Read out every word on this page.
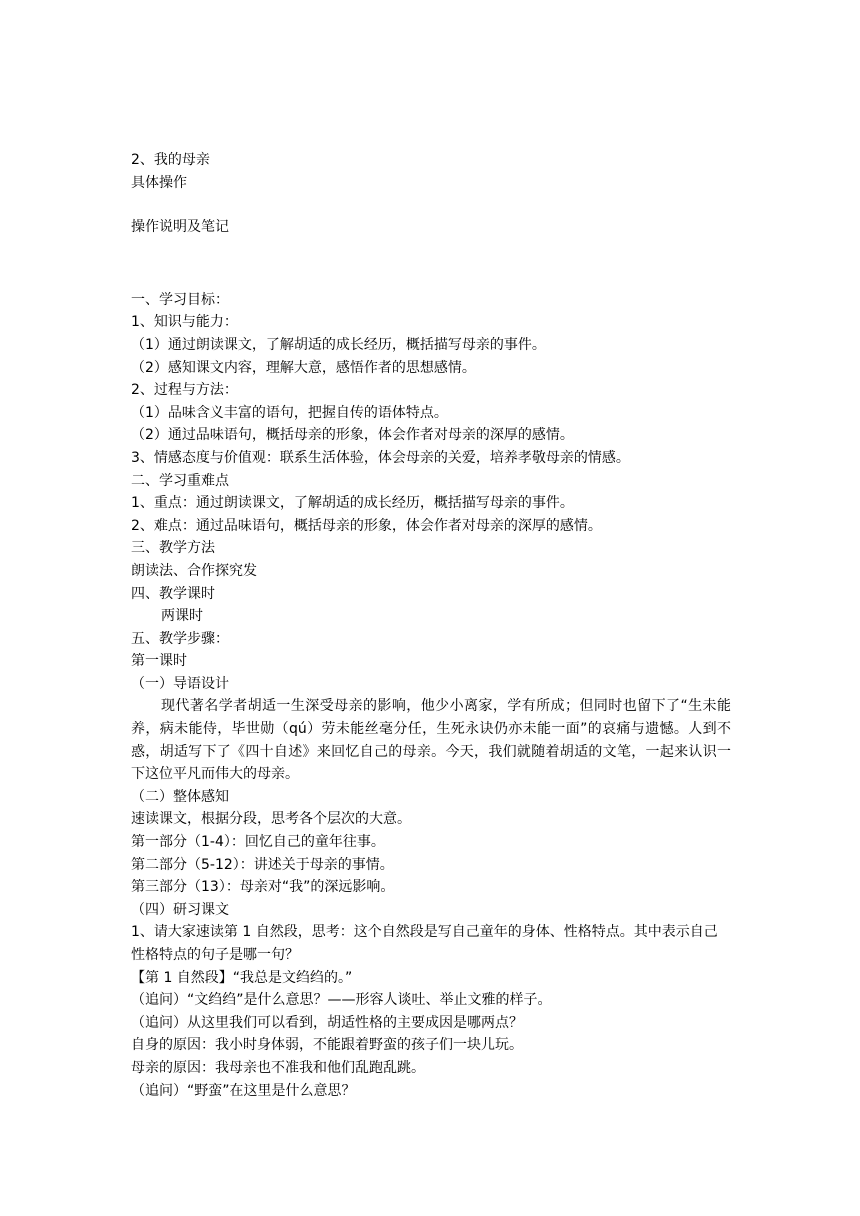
2、我的母亲

具体操作

操作说明及笔记

一、学习目标：

1、知识与能力：

（1）通过朗读课文，了解胡适的成长经历，概括描写母亲的事件。

（2）感知课文内容，理解大意，感悟作者的思想感情。

2、过程与方法：

（1）品味含义丰富的语句，把握自传的语体特点。

（2）通过品味语句，概括母亲的形象，体会作者对母亲的深厚的感情。

3、情感态度与价值观：联系生活体验，体会母亲的关爱，培养孝敬母亲的情感。

二、学习重难点

1、重点：通过朗读课文，了解胡适的成长经历，概括描写母亲的事件。

2、难点：通过品味语句，概括母亲的形象，体会作者对母亲的深厚的感情。

三、教学方法

朗读法、合作探究发

四、教学课时

两课时

五、教学步骤：

第一课时

（一）导语设计

现代著名学者胡适一生深受母亲的影响，他少小离家，学有所成；但同时也留下了“生未能养，病未能侍，毕世勋（qú）劳未能丝毫分任，生死永诀仍亦未能一面”的哀痛与遗憾。人到不惑，胡适写下了《四十自述》来回忆自己的母亲。今天，我们就随着胡适的文笔，一起来认识一下这位平凡而伟大的母亲。

（二）整体感知

速读课文，根据分段，思考各个层次的大意。

第一部分（1-4）：回忆自己的童年往事。

第二部分（5-12）：讲述关于母亲的事情。

第三部分（13）：母亲对“我”的深远影响。

（四）研习课文

1、请大家速读第 1 自然段，思考：这个自然段是写自己童年的身体、性格特点。其中表示自己性格特点的句子是哪一句？

【第 1 自然段】“我总是文绉绉的。”

（追问）“文绉绉”是什么意思？——形容人谈吐、举止文雅的样子。

（追问）从这里我们可以看到，胡适性格的主要成因是哪两点？

自身的原因：我小时身体弱，不能跟着野蛮的孩子们一块儿玩。

母亲的原因：我母亲也不准我和他们乱跑乱跳。

（追问）“野蛮”在这里是什么意思？
